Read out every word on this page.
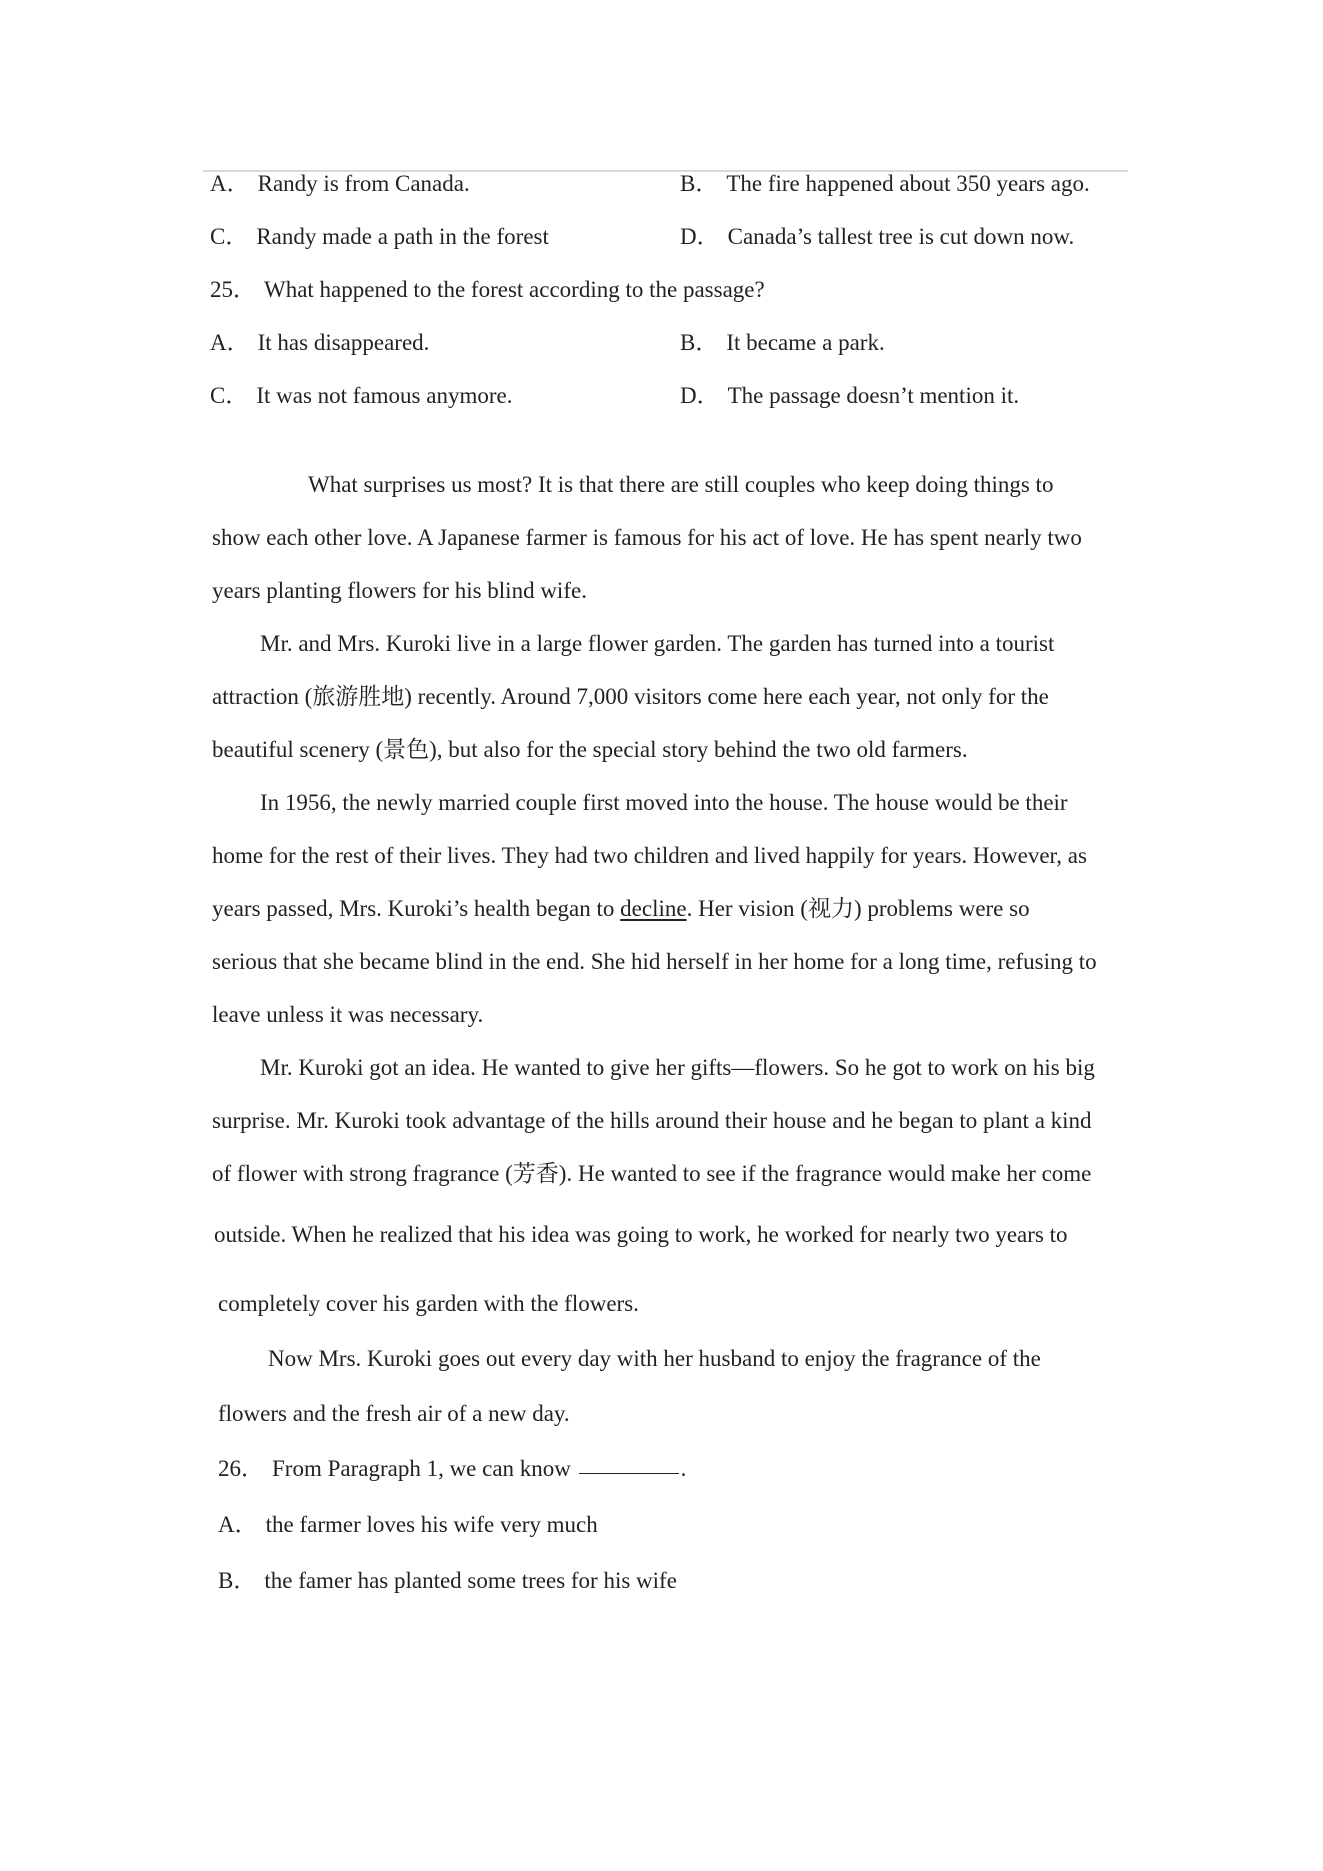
A． Randy is from Canada.	B． The fire happened about 350 years ago.
C． Randy made a path in the forest	D． Canada’s tallest tree is cut down now.
25． What happened to the forest according to the passage?
A． It has disappeared.	B． It became a park.
C． It was not famous anymore.	D． The passage doesn’t mention it.
What surprises us most? It is that there are still couples who keep doing things to
show each other love. A Japanese farmer is famous for his act of love. He has spent nearly two
years planting flowers for his blind wife.
Mr. and Mrs. Kuroki live in a large flower garden. The garden has turned into a tourist
attraction (旅游胜地) recently. Around 7,000 visitors come here each year, not only for the
beautiful scenery (景色), but also for the special story behind the two old farmers.
In 1956, the newly married couple first moved into the house. The house would be their
home for the rest of their lives. They had two children and lived happily for years. However, as
years passed, Mrs. Kuroki’s health began to decline. Her vision (视力) problems were so
serious that she became blind in the end. She hid herself in her home for a long time, refusing to
leave unless it was necessary.
Mr. Kuroki got an idea. He wanted to give her gifts—flowers. So he got to work on his big
surprise. Mr. Kuroki took advantage of the hills around their house and he began to plant a kind
of flower with strong fragrance (芳香). He wanted to see if the fragrance would make her come
outside. When he realized that his idea was going to work, he worked for nearly two years to
completely cover his garden with the flowers.
Now Mrs. Kuroki goes out every day with her husband to enjoy the fragrance of the
flowers and the fresh air of a new day.
26． From Paragraph 1, we can know	.
A． the farmer loves his wife very much
B． the famer has planted some trees for his wife
